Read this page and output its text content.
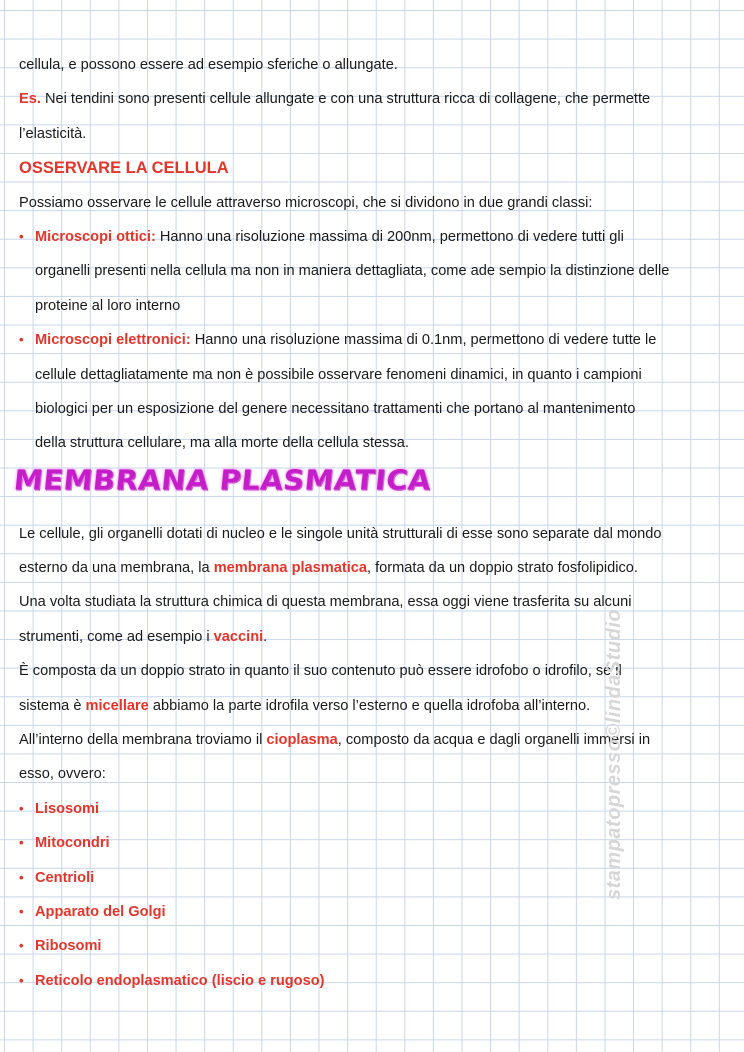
cellula, e possono essere ad esempio sferiche o allungate.
Es. Nei tendini sono presenti cellule allungate e con una struttura ricca di collagene, che permette
l’elasticità.
OSSERVARE LA CELLULA
Possiamo osservare le cellule attraverso microscopi, che si dividono in due grandi classi:
• Microscopi ottici: Hanno una risoluzione massima di 200nm, permettono di vedere tutti gli
organelli presenti nella cellula ma non in maniera dettagliata, come ade sempio la distinzione delle
proteine al loro interno
• Microscopi elettronici: Hanno una risoluzione massima di 0.1nm, permettono di vedere tutte le
cellule dettagliatamente ma non è possibile osservare fenomeni dinamici, in quanto i campioni
biologici per un esposizione del genere necessitano trattamenti che portano al mantenimento
della struttura cellulare, ma alla morte della cellula stessa.
MEMBRANA PLASMATICA
Le cellule, gli organelli dotati di nucleo e le singole unità strutturali di esse sono separate dal mondo
esterno da una membrana, la membrana plasmatica, formata da un doppio strato fosfolipidico.
Una volta studiata la struttura chimica di questa membrana, essa oggi viene trasferita su alcuni
strumenti, come ad esempio i vaccini.
È composta da un doppio strato in quanto il suo contenuto può essere idrofobo o idrofilo, se il
sistema è micellare abbiamo la parte idrofila verso l’esterno e quella idrofoba all’interno.
All’interno della membrana troviamo il cioplasma, composto da acqua e dagli organelli immersi in
esso, ovvero:
• Lisosomi
• Mitocondri
• Centrioli
• Apparato del Golgi
• Ribosomi
• Reticolo endoplasmatico (liscio e rugoso)
stampatopresso©lindaStudio
